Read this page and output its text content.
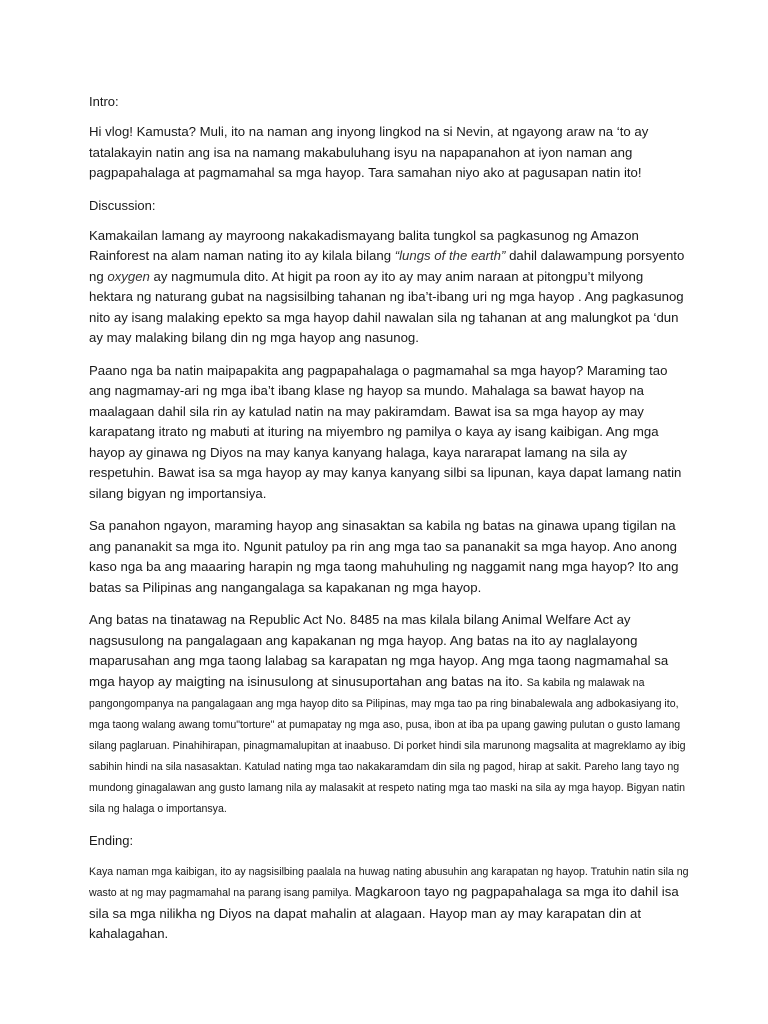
Intro:

Hi vlog! Kamusta? Muli, ito na naman ang inyong lingkod na si Nevin, at ngayong araw na ‘to ay tatalakayin natin ang isa na namang makabuluhang isyu na napapanahon at iyon naman ang pagpapahalaga at pagmamahal sa mga hayop. Tara samahan niyo ako at pagusapan natin ito!

Discussion:

Kamakailan lamang ay mayroong nakakadismayang balita tungkol sa pagkasunog ng Amazon Rainforest na alam naman nating ito ay kilala bilang “lungs of the earth” dahil dalawampung porsyento ng oxygen ay nagmumula dito. At higit pa roon ay ito ay may anim naraan at pitongpu’t milyong hektara ng naturang gubat na nagsisilbing tahanan ng iba’t-ibang uri ng mga hayop . Ang pagkasunog nito ay isang malaking epekto sa mga hayop dahil nawalan sila ng tahanan at ang malungkot pa ‘dun ay may malaking bilang din ng mga hayop ang nasunog.

Paano nga ba natin maipapakita ang pagpapahalaga o pagmamahal sa mga hayop? Maraming tao ang nagmamay-ari ng mga iba’t ibang klase ng hayop sa mundo. Mahalaga sa bawat hayop na maalagaan dahil sila rin ay katulad natin na may pakiramdam. Bawat isa sa mga hayop ay may karapatang itrato ng mabuti at ituring na miyembro ng pamilya o kaya ay isang kaibigan. Ang mga hayop ay ginawa ng Diyos na may kanya kanyang halaga, kaya nararapat lamang na sila ay respetuhin. Bawat isa sa mga hayop ay may kanya kanyang silbi sa lipunan, kaya dapat lamang natin silang bigyan ng importansiya.

Sa panahon ngayon, maraming hayop ang sinasaktan sa kabila ng batas na ginawa upang tigilan na ang pananakit sa mga ito. Ngunit patuloy pa rin ang mga tao sa pananakit sa mga hayop. Ano anong kaso nga ba ang maaaring harapin ng mga taong mahuhuling ng naggamit nang mga hayop? Ito ang batas sa Pilipinas ang nangangalaga sa kapakanan ng mga hayop.

Ang batas na tinatawag na Republic Act No. 8485 na mas kilala bilang Animal Welfare Act ay nagsusulong na pangalagaan ang kapakanan ng mga hayop. Ang batas na ito ay naglalayong maparusahan ang mga taong lalabag sa karapatan ng mga hayop. Ang mga taong nagmamahal sa mga hayop ay maigting na isinusulong at sinusuportahan ang batas na ito. Sa kabila ng malawak na pangongompanya na pangalagaan ang mga hayop dito sa Pilipinas, may mga tao pa ring binabalewala ang adbokasiyang ito, mga taong walang awang tomu"torture" at pumapatay ng mga aso, pusa, ibon at iba pa upang gawing pulutan o gusto lamang silang paglaruan. Pinahihirapan, pinagmamalupitan at inaabuso. Di porket hindi sila marunong magsalita at magreklamo ay ibig sabihin hindi na sila nasasaktan. Katulad nating mga tao nakakaramdam din sila ng pagod, hirap at sakit. Pareho lang tayo ng mundong ginagalawan ang gusto lamang nila ay malasakit at respeto nating mga tao maski na sila ay mga hayop. Bigyan natin sila ng halaga o importansya.

Ending:

Kaya naman mga kaibigan, ito ay nagsisilbing paalala na huwag nating abusuhin ang karapatan ng hayop. Tratuhin natin sila ng wasto at ng may pagmamahal na parang isang pamilya. Magkaroon tayo ng pagpapahalaga sa mga ito dahil isa sila sa mga nilikha ng Diyos na dapat mahalin at alagaan. Hayop man ay may karapatan din at kahalagahan.
